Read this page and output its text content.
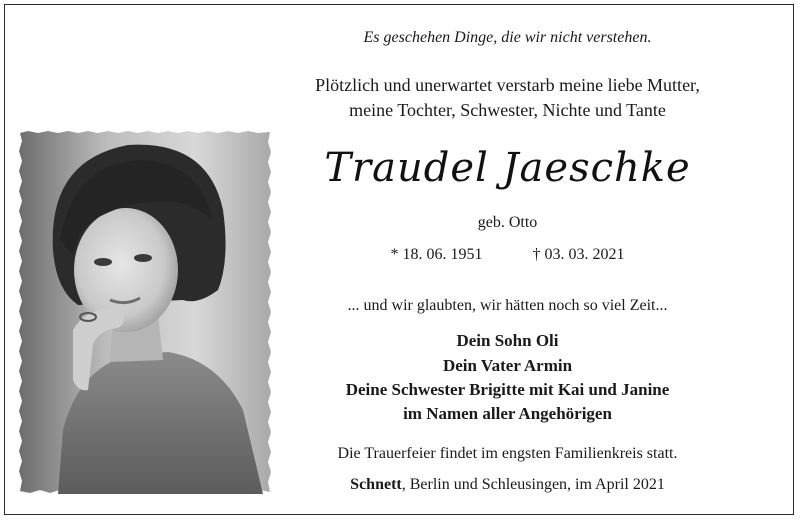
Es geschehen Dinge, die wir nicht verstehen.
Plötzlich und unerwartet verstarb meine liebe Mutter,
meine Tochter, Schwester, Nichte und Tante
Traudel Jaeschke
geb. Otto
* 18. 06. 1951	† 03. 03. 2021
... und wir glaubten, wir hätten noch so viel Zeit...
Dein Sohn Oli
Dein Vater Armin
Deine Schwester Brigitte mit Kai und Janine
im Namen aller Angehörigen
Die Trauerfeier findet im engsten Familienkreis statt.
Schnett, Berlin und Schleusingen, im April 2021
